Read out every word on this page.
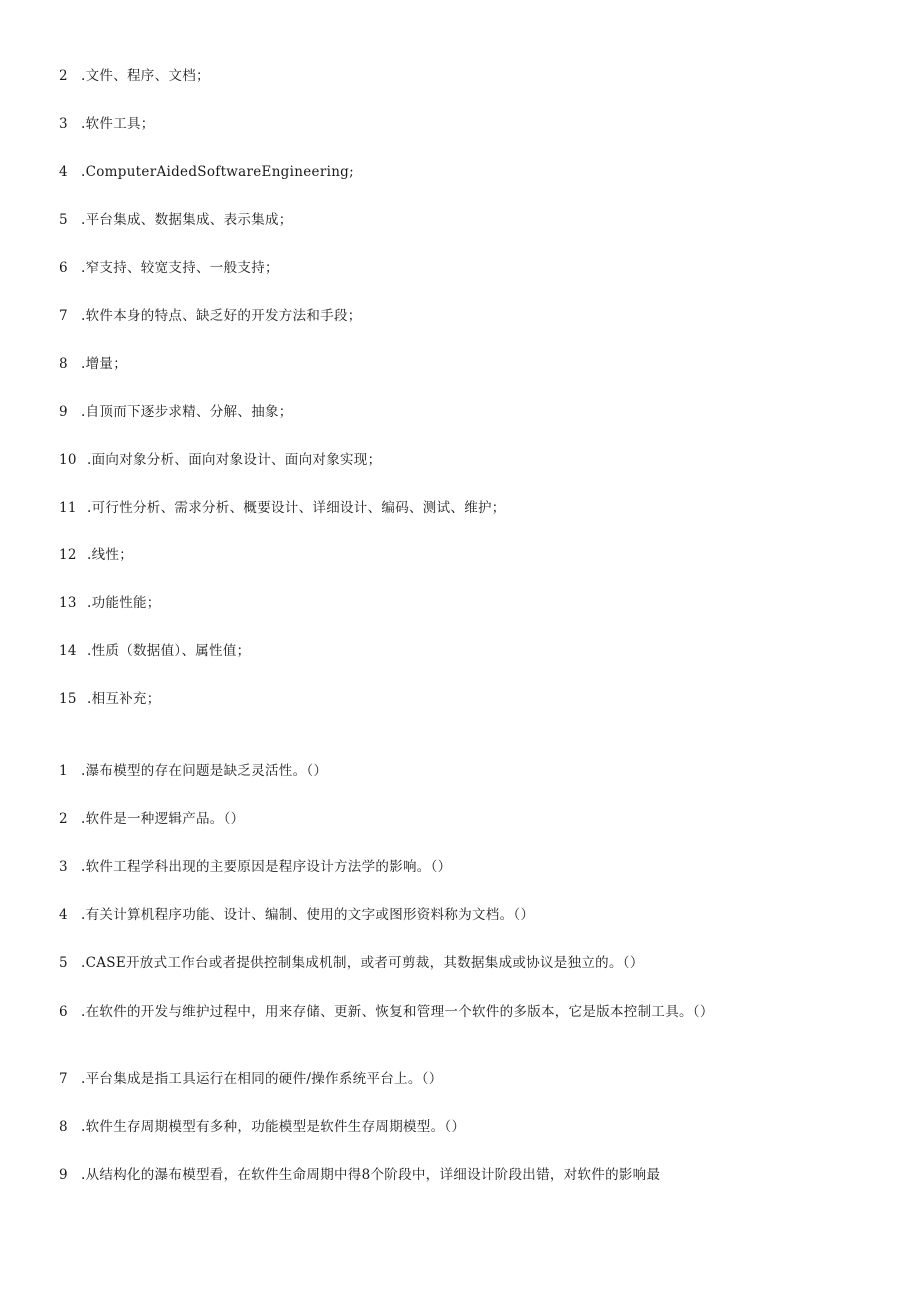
2 .文件、程序、文档；
3 .软件工具；
4 .ComputerAidedSoftwareEngineering;
5 .平台集成、数据集成、表示集成；
6 .窄支持、较宽支持、一般支持；
7 .软件本身的特点、缺乏好的开发方法和手段；
8 .增量；
9 .自顶而下逐步求精、分解、抽象；
10 .面向对象分析、面向对象设计、面向对象实现；
11 .可行性分析、需求分析、概要设计、详细设计、编码、测试、维护；
12 .线性；
13 .功能性能；
14 .性质（数据值）、属性值；
15 .相互补充；
1 .瀑布模型的存在问题是缺乏灵活性。（）
2 .软件是一种逻辑产品。（）
3 .软件工程学科出现的主要原因是程序设计方法学的影响。（）
4 .有关计算机程序功能、设计、编制、使用的文字或图形资料称为文档。（）
5 .CASE开放式工作台或者提供控制集成机制，或者可剪裁，其数据集成或协议是独立的。（）
6 .在软件的开发与维护过程中，用来存储、更新、恢复和管理一个软件的多版本，它是版本控制工具。（）
7 .平台集成是指工具运行在相同的硬件/操作系统平台上。（）
8 .软件生存周期模型有多种，功能模型是软件生存周期模型。（）
9 .从结构化的瀑布模型看，在软件生命周期中得8个阶段中，详细设计阶段出错，对软件的影响最
